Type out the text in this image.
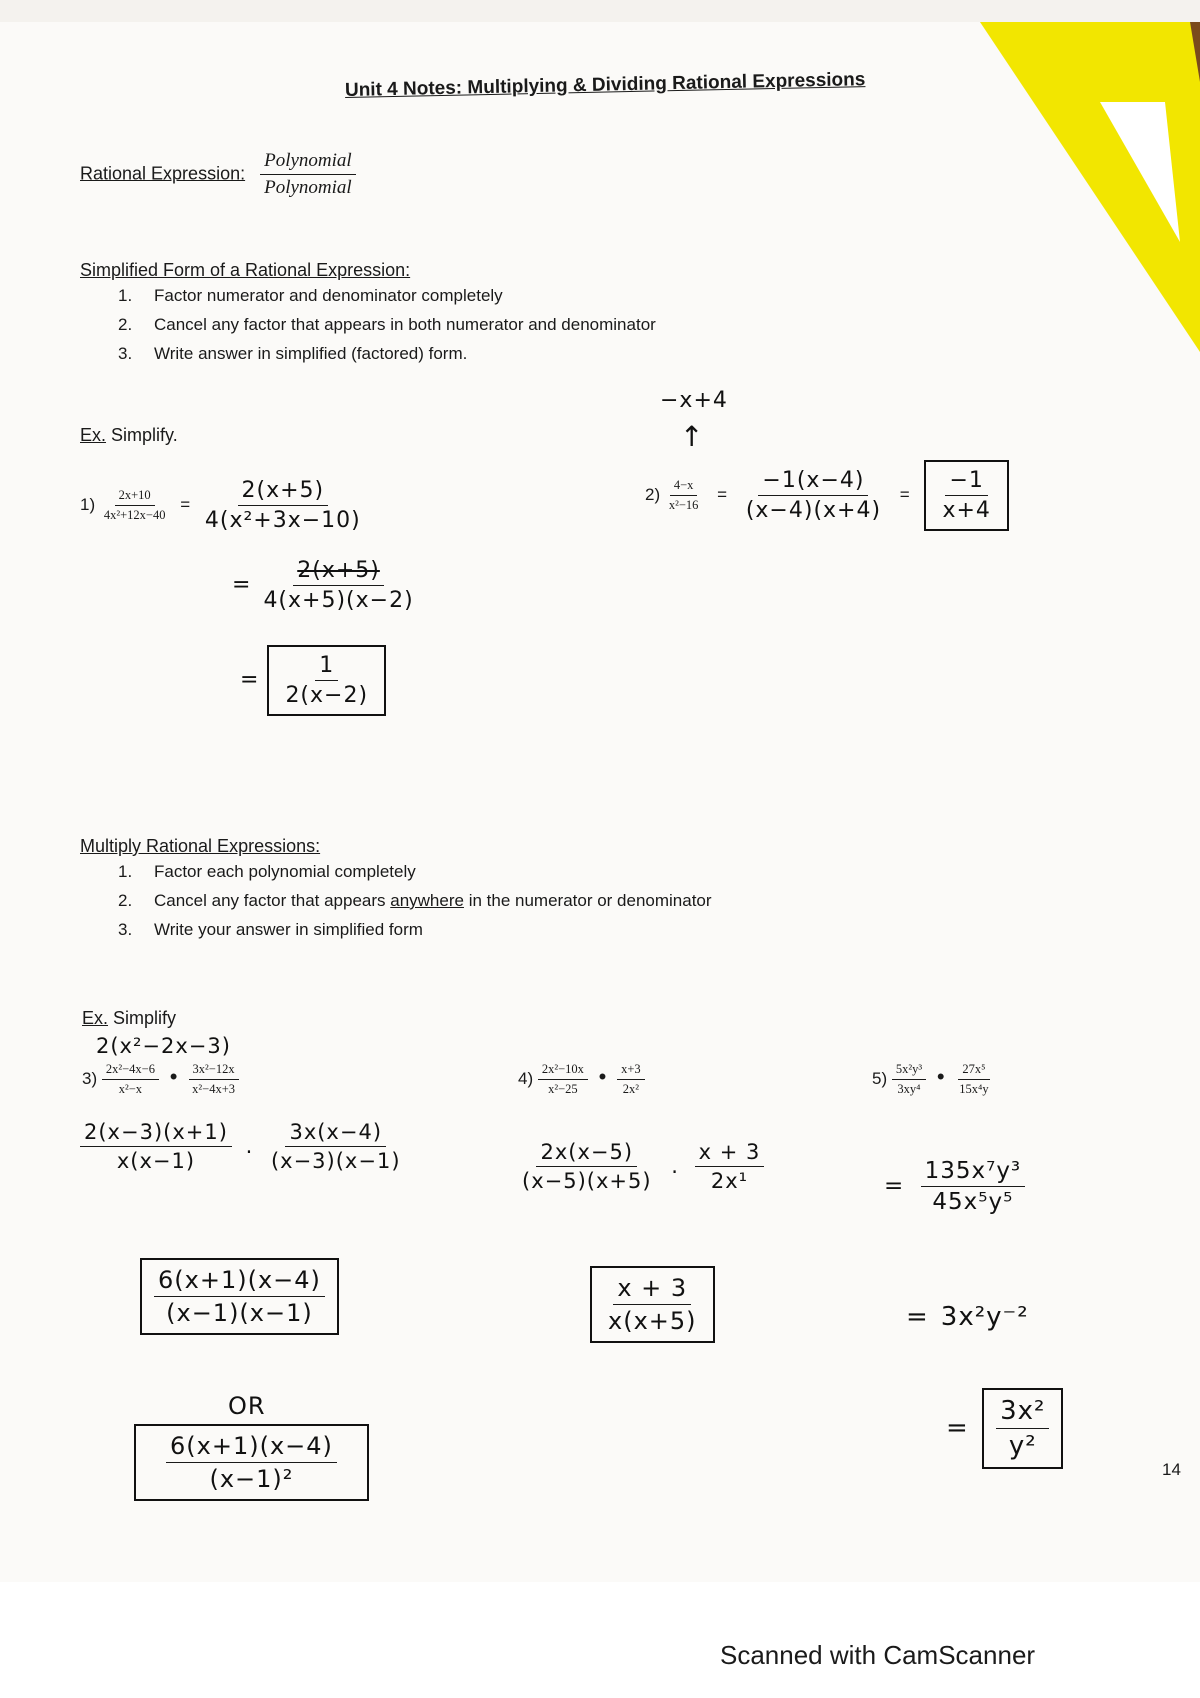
Unit 4 Notes: Multiplying & Dividing Rational Expressions
Rational Expression: $\frac{\text{Polynomial}}{\text{Polynomial}}$
Simplified Form of a Rational Expression:
1. Factor numerator and denominator completely
2. Cancel any factor that appears in both numerator and denominator
3. Write answer in simplified (factored) form.
Ex. Simplify.
$1) \frac{2x+10}{\text{4x²+12x−40}} = \frac{2(x+5)}{\text{4(x²+3x−10)}}$
= $\frac{2(x+5)}{4(x+5)(x-2)}$
= $\frac{1}{2(x-2)}$
−x+4
↑
$2) \frac{4-x}{\text{x²−16}} = \frac{-1(x-4)}{(x-4)(x+4)} = \frac{-1}{x+4}$
Multiply Rational Expressions:
1. Factor each polynomial completely
2. Cancel any factor that appears anywhere in the numerator or denominator
3. Write your answer in simplified form
Ex. Simplify
2(x²−2x−3)
$3) \frac{\text{2x²−4x−6}}{\text{x²−x}}$ • $\frac{\text{3x²−12x}}{\text{x²−4x+3}}$
$\frac{2(x-3)(x+1)}{x(x-1)}$ . $\frac{3x(x-4)}{(x-3)(x-1)}$
$\frac{6(x+1)(x-4)}{(x-1)(x-1)}$
OR
$\frac{6(x+1)(x-4)}{\text{(x−1)²}}$
$4) \frac{\text{2x²−10x}}{\text{x²−25}}$ • $\frac{x+3}{\text{2x²}}$
$\frac{2x(x-5)}{(x-5)(x+5)}$ . $\frac{x + 3}{\text{2x¹}}$
$\frac{x + 3}{x(x+5)}$
$5) \frac{\text{5x²y³}}{\text{3xy⁴}}$ • $\frac{\text{27x⁵}}{\text{15x⁴y}}$
= $\frac{\text{135x⁷y³}}{\text{45x⁵y⁵}}$
= 3x²y⁻²
= $\frac{\text{3x²}}{\text{y²}}$
14
Scanned with CamScanner
